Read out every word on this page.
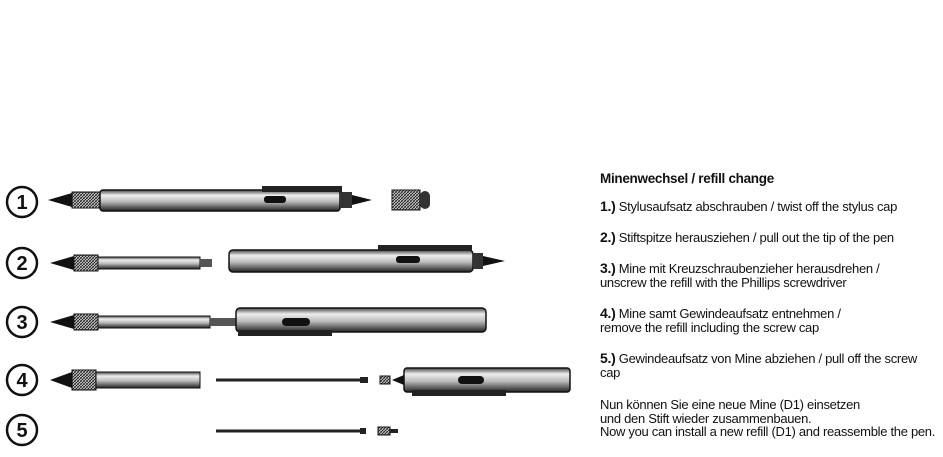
1
2
3
4
5
Minenwechsel / refill change
1.) Stylusaufsatz abschrauben / twist off the stylus cap
2.) Stiftspitze herausziehen / pull out the tip of the pen
3.) Mine mit Kreuzschraubenzieher herausdrehen /
unscrew the refill with the Phillips screwdriver
4.) Mine samt Gewindeaufsatz entnehmen /
remove the refill including the screw cap
5.) Gewindeaufsatz von Mine abziehen / pull off the screw cap
Nun können Sie eine neue Mine (D1) einsetzen
und den Stift wieder zusammenbauen.
Now you can install a new refill (D1) and reassemble the pen.
